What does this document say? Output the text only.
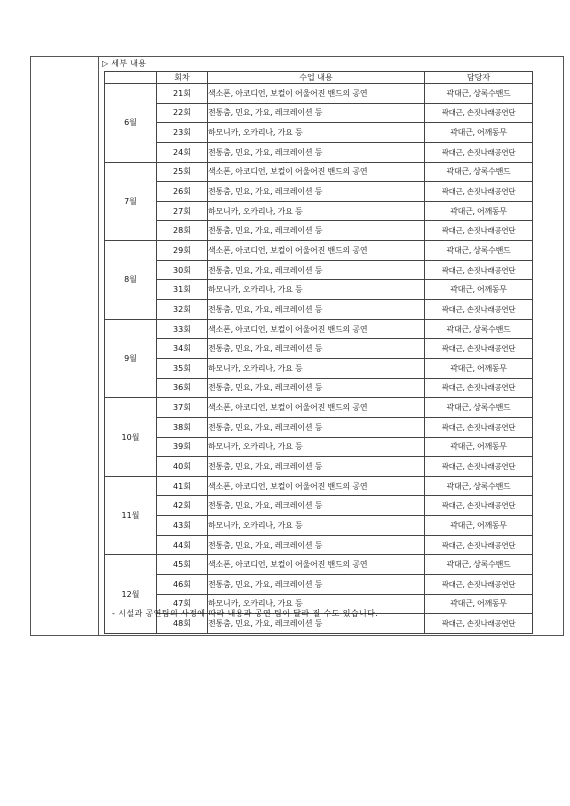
▷ 세부 내용
	회차	수업 내용	담당자
6월	21회	색소폰, 아코디언, 보컬이 어울어진 밴드의 공연	곽대근, 상록수밴드
	22회	전통춤, 민요, 가요, 레크레이션 등	곽대근, 손짓나래공연단
	23회	하모니카, 오카리나, 가요 등	곽대근, 어깨동무
	24회	전통춤, 민요, 가요, 레크레이션 등	곽대근, 손짓나래공연단
7월	25회	색소폰, 아코디언, 보컬이 어울어진 밴드의 공연	곽대근, 상록수밴드
	26회	전통춤, 민요, 가요, 레크레이션 등	곽대근, 손짓나래공연단
	27회	하모니카, 오카리나, 가요 등	곽대근, 어깨동무
	28회	전통춤, 민요, 가요, 레크레이션 등	곽대근, 손짓나래공연단
8월	29회	색소폰, 아코디언, 보컬이 어울어진 밴드의 공연	곽대근, 상록수밴드
	30회	전통춤, 민요, 가요, 레크레이션 등	곽대근, 손짓나래공연단
	31회	하모니카, 오카리나, 가요 등	곽대근, 어깨동무
	32회	전통춤, 민요, 가요, 레크레이션 등	곽대근, 손짓나래공연단
9월	33회	색소폰, 아코디언, 보컬이 어울어진 밴드의 공연	곽대근, 상록수밴드
	34회	전통춤, 민요, 가요, 레크레이션 등	곽대근, 손짓나래공연단
	35회	하모니카, 오카리나, 가요 등	곽대근, 어깨동무
	36회	전통춤, 민요, 가요, 레크레이션 등	곽대근, 손짓나래공연단
10월	37회	색소폰, 아코디언, 보컬이 어울어진 밴드의 공연	곽대근, 상록수밴드
	38회	전통춤, 민요, 가요, 레크레이션 등	곽대근, 손짓나래공연단
	39회	하모니카, 오카리나, 가요 등	곽대근, 어깨동무
	40회	전통춤, 민요, 가요, 레크레이션 등	곽대근, 손짓나래공연단
11월	41회	색소폰, 아코디언, 보컬이 어울어진 밴드의 공연	곽대근, 상록수밴드
	42회	전통춤, 민요, 가요, 레크레이션 등	곽대근, 손짓나래공연단
	43회	하모니카, 오카리나, 가요 등	곽대근, 어깨동무
	44회	전통춤, 민요, 가요, 레크레이션 등	곽대근, 손짓나래공연단
12월	45회	색소폰, 아코디언, 보컬이 어울어진 밴드의 공연	곽대근, 상록수밴드
	46회	전통춤, 민요, 가요, 레크레이션 등	곽대근, 손짓나래공연단
	47회	하모니카, 오카리나, 가요 등	곽대근, 어깨동무
	48회	전통춤, 민요, 가요, 레크레이션 등	곽대근, 손짓나래공연단
- 시설과 공연팀의 사정에 따라 내용과 공연 팀이 달라 질 수도 있습니다.
